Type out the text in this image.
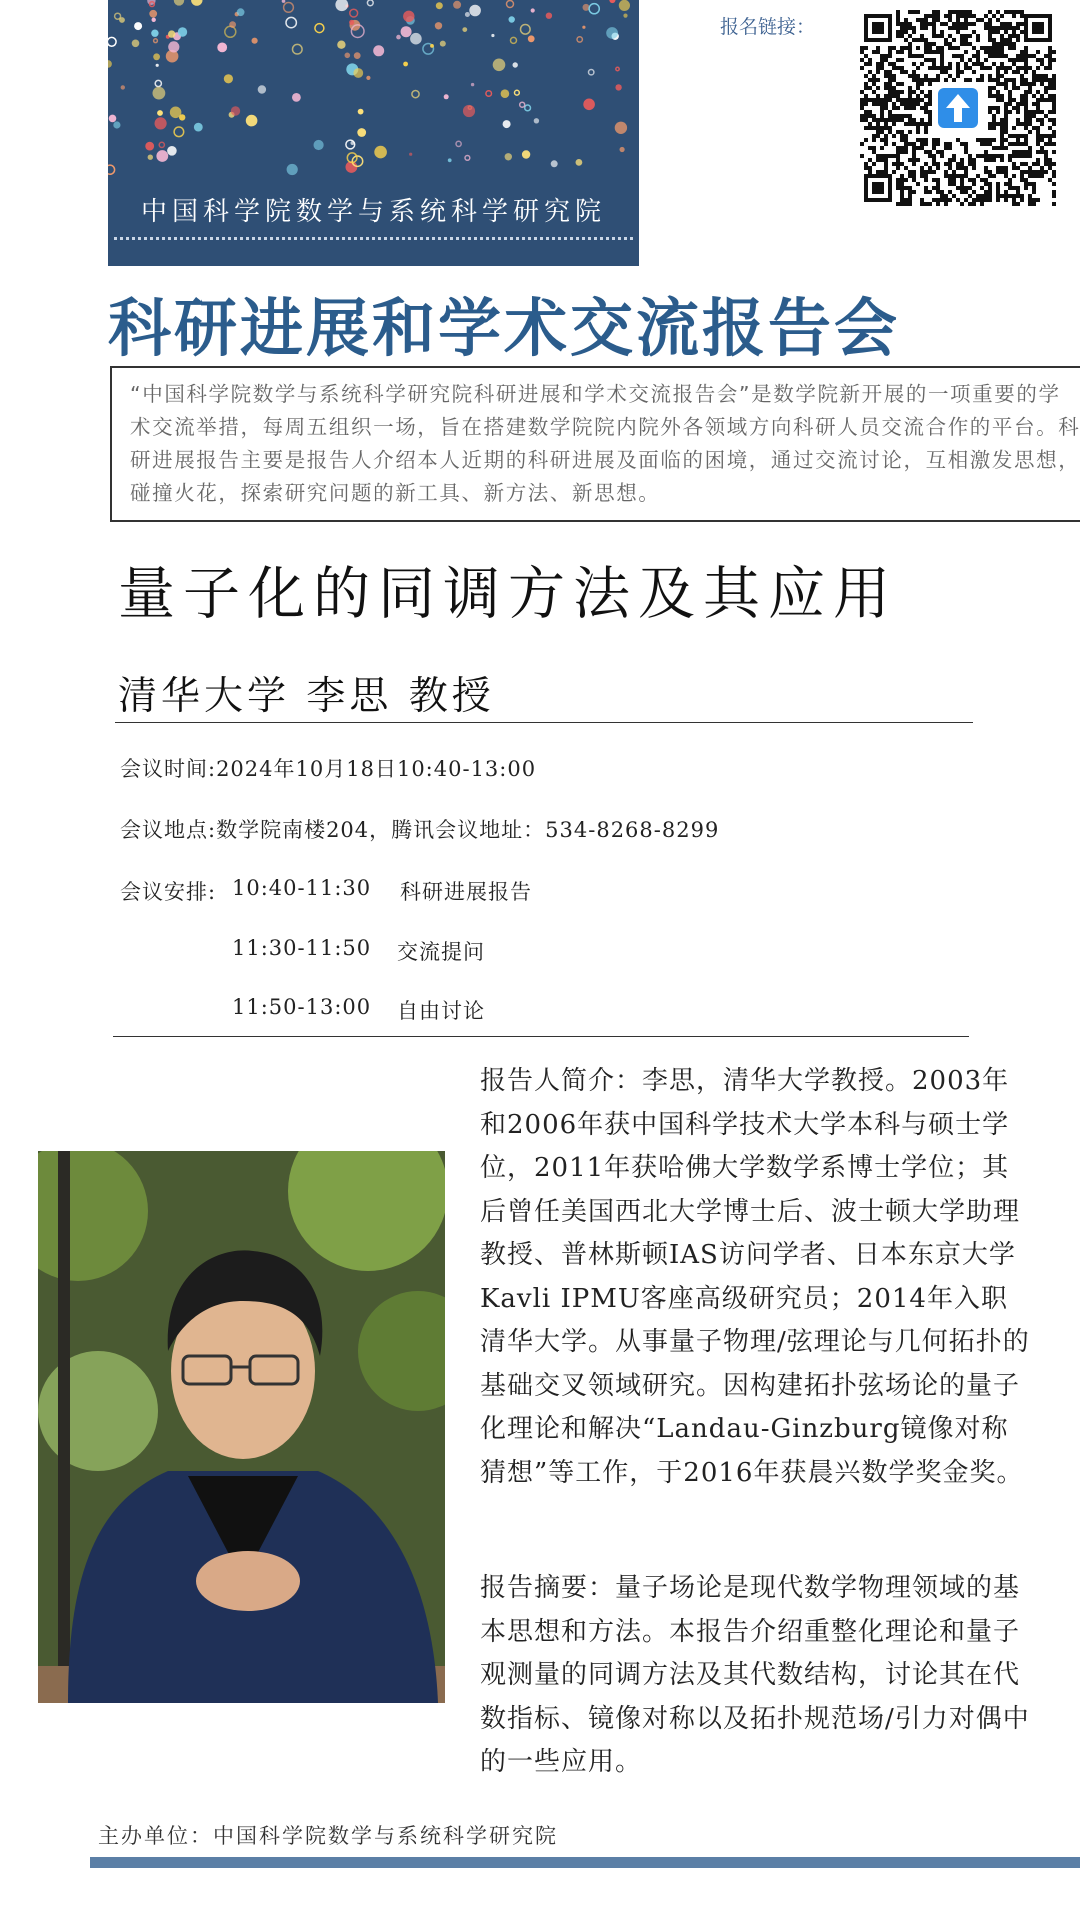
中国科学院数学与系统科学研究院
报名链接：
科研进展和学术交流报告会
“中国科学院数学与系统科学研究院科研进展和学术交流报告会”是数学院新开展的一项重要的学术交流举措，每周五组织一场，旨在搭建数学院院内院外各领域方向科研人员交流合作的平台。科研进展报告主要是报告人介绍本人近期的科研进展及面临的困境，通过交流讨论，互相激发思想，碰撞火花，探索研究问题的新工具、新方法、新思想。
量子化的同调方法及其应用
清华大学 李思 教授
会议时间:2024年10月18日10:40-13:00
会议地点:数学院南楼204，腾讯会议地址：534-8268-8299
会议安排: 10:40-11:30 科研进展报告
11:30-11:50 交流提问
11:50-13:00 自由讨论
报告人简介：李思，清华大学教授。2003年和2006年获中国科学技术大学本科与硕士学位，2011年获哈佛大学数学系博士学位；其后曾任美国西北大学博士后、波士顿大学助理教授、普林斯顿IAS访问学者、日本东京大学Kavli IPMU客座高级研究员；2014年入职清华大学。从事量子物理/弦理论与几何拓扑的基础交叉领域研究。因构建拓扑弦场论的量子化理论和解决“Landau-Ginzburg镜像对称猜想”等工作，于2016年获晨兴数学奖金奖。
报告摘要：量子场论是现代数学物理领域的基本思想和方法。本报告介绍重整化理论和量子观测量的同调方法及其代数结构，讨论其在代数指标、镜像对称以及拓扑规范场/引力对偶中的一些应用。
主办单位：中国科学院数学与系统科学研究院
